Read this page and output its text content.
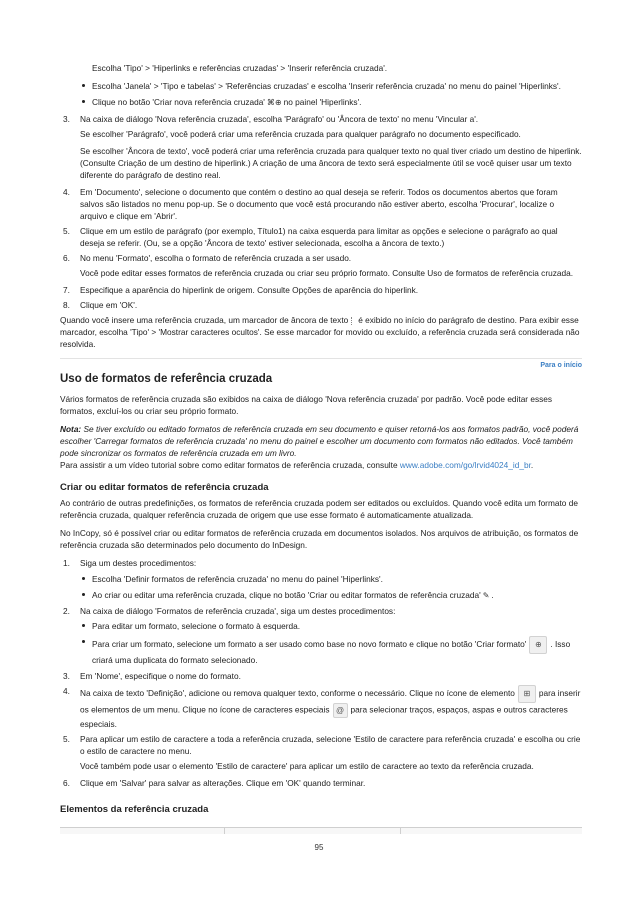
Escolha 'Tipo' > 'Hiperlinks e referências cruzadas' > 'Inserir referência cruzada'.

Escolha 'Janela' > 'Tipo e tabelas' > 'Referências cruzadas' e escolha 'Inserir referência cruzada' no menu do painel 'Hiperlinks'.
Clique no botão 'Criar nova referência cruzada' ⌘⊕ no painel 'Hiperlinks'.
3. Na caixa de diálogo 'Nova referência cruzada', escolha 'Parágrafo' ou 'Âncora de texto' no menu 'Vincular a'.

Se escolher 'Parágrafo', você poderá criar uma referência cruzada para qualquer parágrafo no documento especificado.

Se escolher 'Âncora de texto', você poderá criar uma referência cruzada para qualquer texto no qual tiver criado um destino de hiperlink. (Consulte Criação de um destino de hiperlink.) A criação de uma âncora de texto será especialmente útil se você quiser usar um texto diferente do parágrafo de destino real.

4. Em 'Documento', selecione o documento que contém o destino ao qual deseja se referir. Todos os documentos abertos que foram salvos são listados no menu pop-up. Se o documento que você está procurando não estiver aberto, escolha 'Procurar', localize o arquivo e clique em 'Abrir'.
5. Clique em um estilo de parágrafo (por exemplo, Título1) na caixa esquerda para limitar as opções e selecione o parágrafo ao qual deseja se referir. (Ou, se a opção 'Âncora de texto' estiver selecionada, escolha a âncora de texto.)
6. No menu 'Formato', escolha o formato de referência cruzada a ser usado.

Você pode editar esses formatos de referência cruzada ou criar seu próprio formato. Consulte Uso de formatos de referência cruzada.

7. Especifique a aparência do hiperlink de origem. Consulte Opções de aparência do hiperlink.
8. Clique em 'OK'.

Quando você insere uma referência cruzada, um marcador de âncora de texto é exibido no início do parágrafo de destino. Para exibir esse marcador, escolha 'Tipo' > 'Mostrar caracteres ocultos'. Se esse marcador for movido ou excluído, a referência cruzada será considerada não resolvida.

Para o início
Uso de formatos de referência cruzada

Vários formatos de referência cruzada são exibidos na caixa de diálogo 'Nova referência cruzada' por padrão. Você pode editar esses formatos, excluí-los ou criar seu próprio formato.

Nota: Se tiver excluído ou editado formatos de referência cruzada em seu documento e quiser retorná-los aos formatos padrão, você poderá escolher 'Carregar formatos de referência cruzada' no menu do painel e escolher um documento com formatos não editados. Você também pode sincronizar os formatos de referência cruzada em um livro.

Para assistir a um vídeo tutorial sobre como editar formatos de referência cruzada, consulte www.adobe.com/go/lrvid4024_id_br.

Criar ou editar formatos de referência cruzada

Ao contrário de outras predefinições, os formatos de referência cruzada podem ser editados ou excluídos. Quando você edita um formato de referência cruzada, qualquer referência cruzada de origem que use esse formato é automaticamente atualizada.

No InCopy, só é possível criar ou editar formatos de referência cruzada em documentos isolados. Nos arquivos de atribuição, os formatos de referência cruzada são determinados pelo documento do InDesign.

1. Siga um destes procedimentos:
Escolha 'Definir formatos de referência cruzada' no menu do painel 'Hiperlinks'.
Ao criar ou editar uma referência cruzada, clique no botão 'Criar ou editar formatos de referência cruzada' ✎ .
2. Na caixa de diálogo 'Formatos de referência cruzada', siga um destes procedimentos:
Para editar um formato, selecione o formato à esquerda.
Para criar um formato, selecione um formato a ser usado como base no novo formato e clique no botão 'Criar formato' ⊕ . Isso criará uma duplicata do formato selecionado.
3. Em 'Nome', especifique o nome do formato.
4. Na caixa de texto 'Definição', adicione ou remova qualquer texto, conforme o necessário. Clique no ícone de elemento ⊞ para inserir os elementos de um menu. Clique no ícone de caracteres especiais @ para selecionar traços, espaços, aspas e outros caracteres especiais.
5. Para aplicar um estilo de caractere a toda a referência cruzada, selecione 'Estilo de caractere para referência cruzada' e escolha ou crie o estilo de caractere no menu.

Você também pode usar o elemento 'Estilo de caractere' para aplicar um estilo de caractere ao texto da referência cruzada.

6. Clique em 'Salvar' para salvar as alterações. Clique em 'OK' quando terminar.
Elementos da referência cruzada
95
